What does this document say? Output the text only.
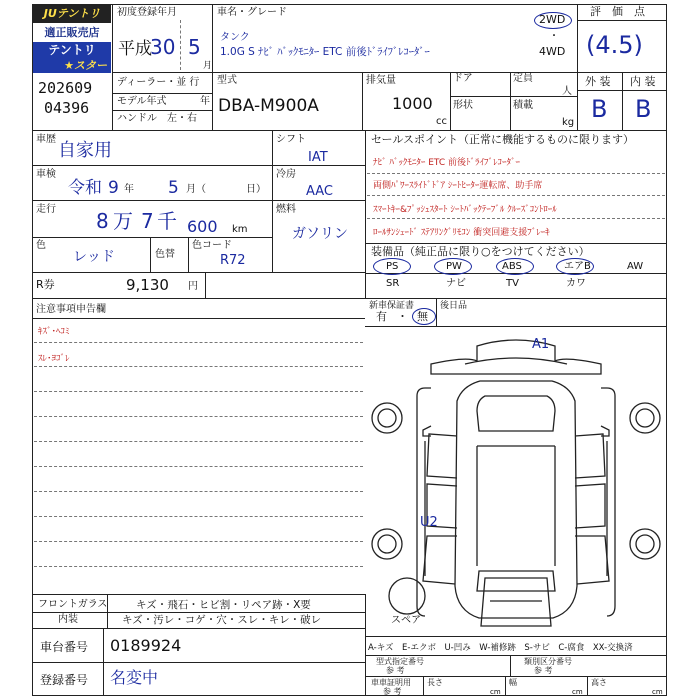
JUテントリ
適正販売店
テントリ
★スター
202609
04396
初度登録年月
平成
30 5
月
ディーラー・並 行
モデル年式	年
ハンドル　左・右
車名・グレード
タンク
1.0G S ﾅﾋﾞ ﾊﾞｯｸﾓﾆﾀｰ ETC 前後ﾄﾞﾗｲﾌﾞﾚｺｰﾀﾞｰ
2WD
・
4WD
型式
DBA-M900A
排気量
1000
cc
ドア
形状
定員
人
積載
kg
評　価　点
(4.5)
外 装 内 装
B B
車歴
自家用
車検
令和 9 年 5 月（	日）
走行 8 万 7 千 600 km
色
レッド	色替
色コード
R72
R券	9,130 円
シフト
IAT
冷房
AAC
燃料
ガソリン
セールスポイント（正常に機能するものに限ります）
ﾅﾋﾞ ﾊﾞｯｸﾓﾆﾀｰ ETC 前後ﾄﾞﾗｲﾌﾞﾚｺｰﾀﾞｰ
両側ﾊﾟﾜｰｽﾗｲﾄﾞﾄﾞｱ ｼｰﾄﾋｰﾀｰ運転席、助手席
ｽﾏｰﾄｷｰ&ﾌﾟｯｼｭｽﾀｰﾄ ｼｰﾄﾊﾞｯｸﾃｰﾌﾞﾙ ｸﾙｰｽﾞｺﾝﾄﾛｰﾙ
ﾛｰﾙｻﾝｼｪｰﾄﾞ ｽﾃｱﾘﾝｸﾞﾘﾓｺﾝ 衝突回避支援ﾌﾞﾚｰｷ
装備品（純正品に限り○をつけてください）
PS	PW	ABS	エアB	AW
SR	ナビ	TV	カワ
新車保証書
有 ・ 無
後日品
注意事項申告欄
ｷｽﾞ･ﾍｺﾐ
ｽﾚ･ﾖｺﾞﾚ
A1
U2
スペア
フロントガラス	キズ・飛石・ヒビ割・リペア跡・X要
内装	キズ・汚レ・コゲ・穴・スレ・キレ・破レ
車台番号 0189924
登録番号 名変中
A-キズ　E-エクボ　U-凹み　W-補修跡　S-サビ　C-腐食　XX-交換済
型式指定番号
参 考
類別区分番号
参 考
車車証明用
参 考
長さ
cm
幅
cm
高さ
cm
